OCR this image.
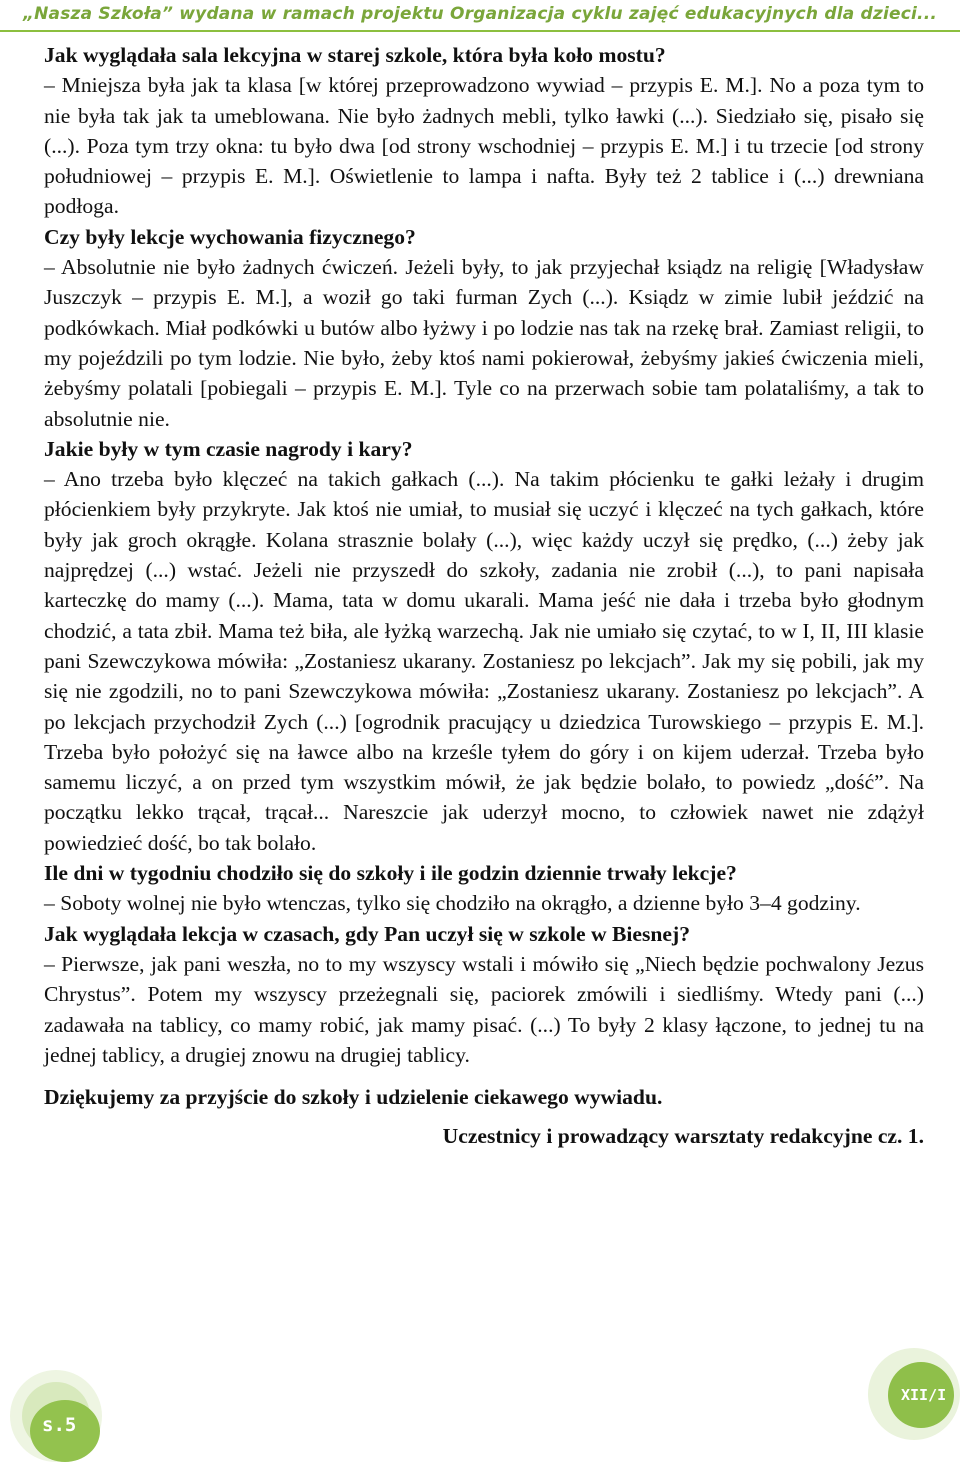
„Nasza Szkoła” wydana w ramach projektu Organizacja cyklu zajęć edukacyjnych dla dzieci...

Jak wyglądała sala lekcyjna w starej szkole, która była koło mostu?

– Mniejsza była jak ta klasa [w której przeprowadzono wywiad – przypis E. M.]. No a poza tym to nie była tak jak ta umeblowana. Nie było żadnych mebli, tylko ławki (...). Siedziało się, pisało się (...). Poza tym trzy okna: tu było dwa [od strony wschodniej – przypis E. M.] i tu trzecie [od strony południowej – przypis E. M.]. Oświetlenie to lampa i nafta. Były też 2 tablice i (...) drewniana podłoga.

Czy były lekcje wychowania fizycznego?

– Absolutnie nie było żadnych ćwiczeń. Jeżeli były, to jak przyjechał ksiądz na religię [Władysław Juszczyk – przypis E. M.], a woził go taki furman Zych (...). Ksiądz w zimie lubił jeździć na podkówkach. Miał podkówki u butów albo łyżwy i po lodzie nas tak na rzekę brał. Zamiast religii, to my pojeździli po tym lodzie. Nie było, żeby ktoś nami pokierował, żebyśmy jakieś ćwiczenia mieli, żebyśmy polatali [pobiegali – przypis E. M.]. Tyle co na przerwach sobie tam polataliśmy, a tak to absolutnie nie.

Jakie były w tym czasie nagrody i kary?

– Ano trzeba było klęczeć na takich gałkach (...). Na takim płócienku te gałki leżały i drugim płócienkiem były przykryte. Jak ktoś nie umiał, to musiał się uczyć i klęczeć na tych gałkach, które były jak groch okrągłe. Kolana strasznie bolały (...), więc każdy uczył się prędko, (...) żeby jak najprędzej (...) wstać. Jeżeli nie przyszedł do szkoły, zadania nie zrobił (...), to pani napisała karteczkę do mamy (...). Mama, tata w domu ukarali. Mama jeść nie dała i trzeba było głodnym chodzić, a tata zbił. Mama też biła, ale łyżką warzechą. Jak nie umiało się czytać, to w I, II, III klasie pani Szewczykowa mówiła: „Zostaniesz ukarany. Zostaniesz po lekcjach”. Jak my się pobili, jak my się nie zgodzili, no to pani Szewczykowa mówiła: „Zostaniesz ukarany. Zostaniesz po lekcjach”. A po lekcjach przychodził Zych (...) [ogrodnik pracujący u dziedzica Turowskiego – przypis E. M.]. Trzeba było położyć się na ławce albo na krześle tyłem do góry i on kijem uderzał. Trzeba było samemu liczyć, a on przed tym wszystkim mówił, że jak będzie bolało, to powiedz „dość”. Na początku lekko trącał, trącał... Nareszcie jak uderzył mocno, to człowiek nawet nie zdążył powiedzieć dość, bo tak bolało.

Ile dni w tygodniu chodziło się do szkoły i ile godzin dziennie trwały lekcje?

– Soboty wolnej nie było wtenczas, tylko się chodziło na okrągło, a dzienne było 3–4 godziny.

Jak wyglądała lekcja w czasach, gdy Pan uczył się w szkole w Biesnej?

– Pierwsze, jak pani weszła, no to my wszyscy wstali i mówiło się „Niech będzie pochwalony Jezus Chrystus”. Potem my wszyscy przeżegnali się, paciorek zmówili i siedliśmy. Wtedy pani (...) zadawała na tablicy, co mamy robić, jak mamy pisać. (...) To były 2 klasy łączone, to jednej tu na jednej tablicy, a drugiej znowu na drugiej tablicy.

Dziękujemy za przyjście do szkoły i udzielenie ciekawego wywiadu.

Uczestnicy i prowadzący warsztaty redakcyjne cz. 1.

s.5
XII/I
